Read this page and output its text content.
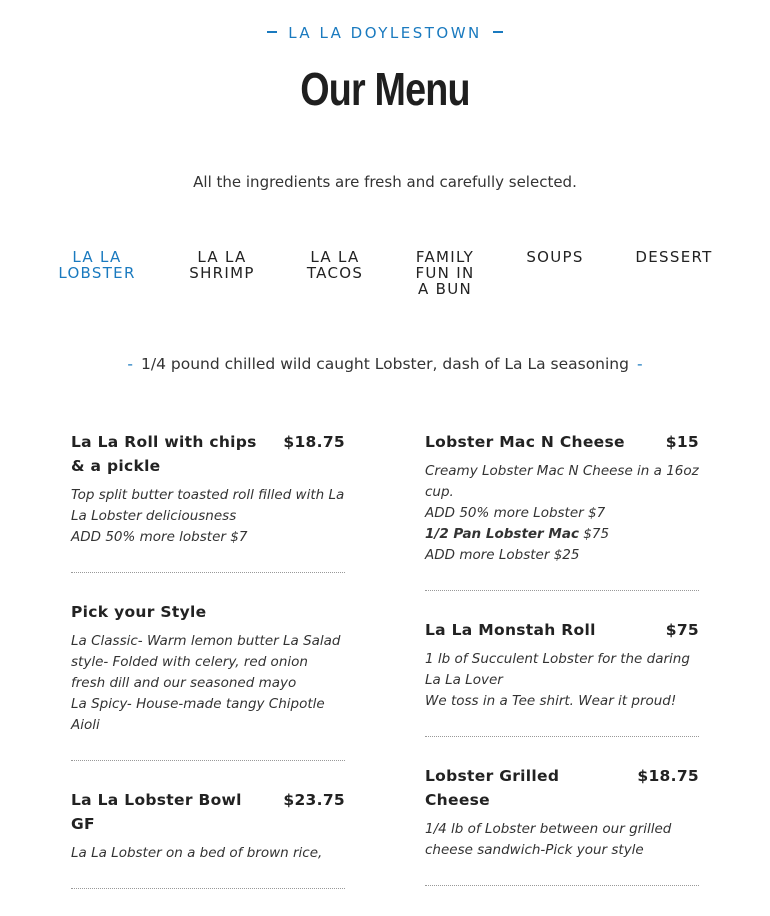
LA LA DOYLESTOWN
Our Menu

All the ingredients are fresh and carefully selected.

LA LA
LOBSTER
LA LA
SHRIMP
LA LA
TACOS
FAMILY
FUN IN
A BUN
SOUPS	DESSERT

- 1/4 pound chilled wild caught Lobster, dash of La La seasoning -

La La Roll with chips & a pickle
$18.75
Top split butter toasted roll filled with La La Lobster deliciousness
ADD 50% more lobster $7
Pick your Style
La Classic- Warm lemon butter La Salad style- Folded with celery, red onion fresh dill and our seasoned mayo
La Spicy- House-made tangy Chipotle Aioli
La La Lobster Bowl GF
$23.75
La La Lobster on a bed of brown rice,
Lobster Mac N Cheese	$15
Creamy Lobster Mac N Cheese in a 16oz cup.
ADD 50% more Lobster $7
1/2 Pan Lobster Mac $75
ADD more Lobster $25
La La Monstah Roll	$75
1 lb of Succulent Lobster for the daring La La Lover
We toss in a Tee shirt. Wear it proud!
Lobster Grilled Cheese
$18.75
1/4 lb of Lobster between our grilled cheese sandwich-Pick your style
